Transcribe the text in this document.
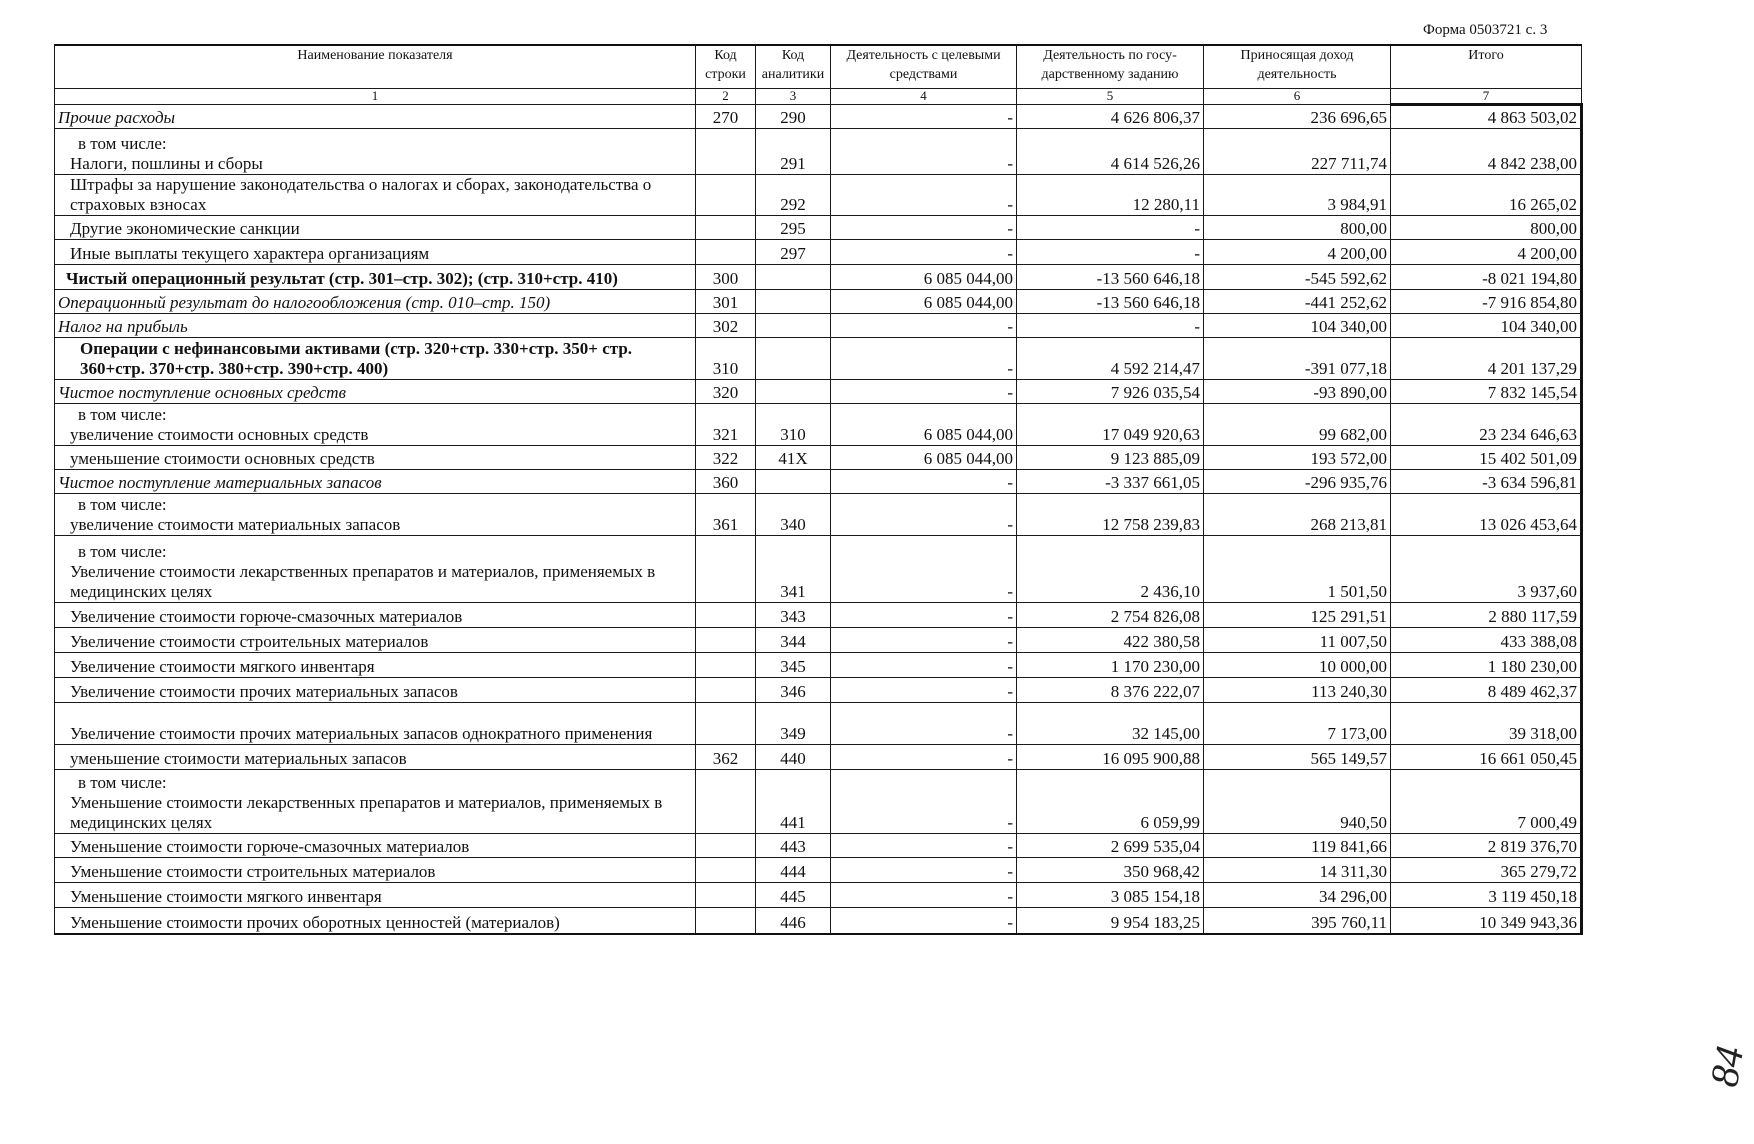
Форма 0503721 с. 3
Наименование показателя	Код строки	Код аналитики	Деятельность с целевыми средствами	Деятельность по госу- дарственному заданию	Приносящая доход деятельность	Итого
1	2	3	4	5	6	7

Прочие расходы	270	290	-	4 626 806,37	236 696,65	4 863 503,02

в том числе:
Налоги, пошлины и сборы		291	-	4 614 526,26	227 711,74	4 842 238,00

Штрафы за нарушение законодательства о налогах и сборах, законодательства о страховых взносах		292	-	12 280,11	3 984,91	16 265,02

Другие экономические санкции		295	-	-	800,00	800,00

Иные выплаты текущего характера организациям		297	-	-	4 200,00	4 200,00

Чистый операционный результат (стр. 301–стр. 302); (стр. 310+стр. 410)	300		6 085 044,00	-13 560 646,18	-545 592,62	-8 021 194,80

Операционный результат до налогообложения (стр. 010–стр. 150)	301		6 085 044,00	-13 560 646,18	-441 252,62	-7 916 854,80

Налог на прибыль	302		-	-	104 340,00	104 340,00

Операции с нефинансовыми активами (стр. 320+стр. 330+стр. 350+ стр. 360+стр. 370+стр. 380+стр. 390+стр. 400)	310		-	4 592 214,47	-391 077,18	4 201 137,29

Чистое поступление основных средств	320		-	7 926 035,54	-93 890,00	7 832 145,54

в том числе:
увеличение стоимости основных средств	321	310	6 085 044,00	17 049 920,63	99 682,00	23 234 646,63

уменьшение стоимости основных средств	322	41X	6 085 044,00	9 123 885,09	193 572,00	15 402 501,09

Чистое поступление материальных запасов	360		-	-3 337 661,05	-296 935,76	-3 634 596,81

в том числе:
увеличение стоимости материальных запасов	361	340	-	12 758 239,83	268 213,81	13 026 453,64

в том числе:
Увеличение стоимости лекарственных препаратов и материалов, применяемых в медицинских целях		341	-	2 436,10	1 501,50	3 937,60

Увеличение стоимости горюче-смазочных материалов		343	-	2 754 826,08	125 291,51	2 880 117,59

Увеличение стоимости строительных материалов		344	-	422 380,58	11 007,50	433 388,08

Увеличение стоимости мягкого инвентаря		345	-	1 170 230,00	10 000,00	1 180 230,00

Увеличение стоимости прочих материальных запасов		346	-	8 376 222,07	113 240,30	8 489 462,37

Увеличение стоимости прочих материальных запасов однократного применения		349	-	32 145,00	7 173,00	39 318,00

уменьшение стоимости материальных запасов	362	440	-	16 095 900,88	565 149,57	16 661 050,45

в том числе:
Уменьшение стоимости лекарственных препаратов и материалов, применяемых в медицинских целях		441	-	6 059,99	940,50	7 000,49

Уменьшение стоимости горюче-смазочных материалов		443	-	2 699 535,04	119 841,66	2 819 376,70

Уменьшение стоимости строительных материалов		444	-	350 968,42	14 311,30	365 279,72

Уменьшение стоимости мягкого инвентаря		445	-	3 085 154,18	34 296,00	3 119 450,18

Уменьшение стоимости прочих оборотных ценностей (материалов)		446	-	9 954 183,25	395 760,11	10 349 943,36
84
